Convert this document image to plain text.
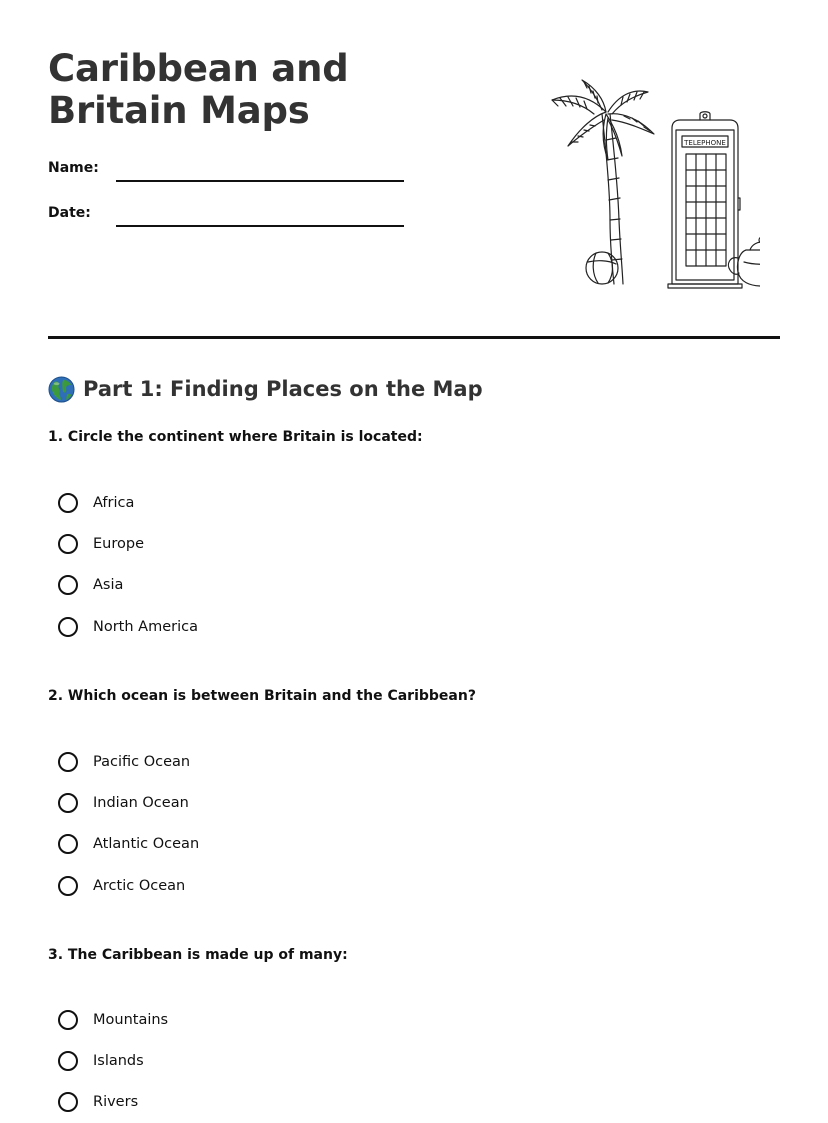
Caribbean and Britain Maps
Name:
Date:
TELEPHONE
Part 1: Finding Places on the Map
1. Circle the continent where Britain is located:
Africa
Europe
Asia
North America
2. Which ocean is between Britain and the Caribbean?
Pacific Ocean
Indian Ocean
Atlantic Ocean
Arctic Ocean
3. The Caribbean is made up of many:
Mountains
Islands
Rivers
